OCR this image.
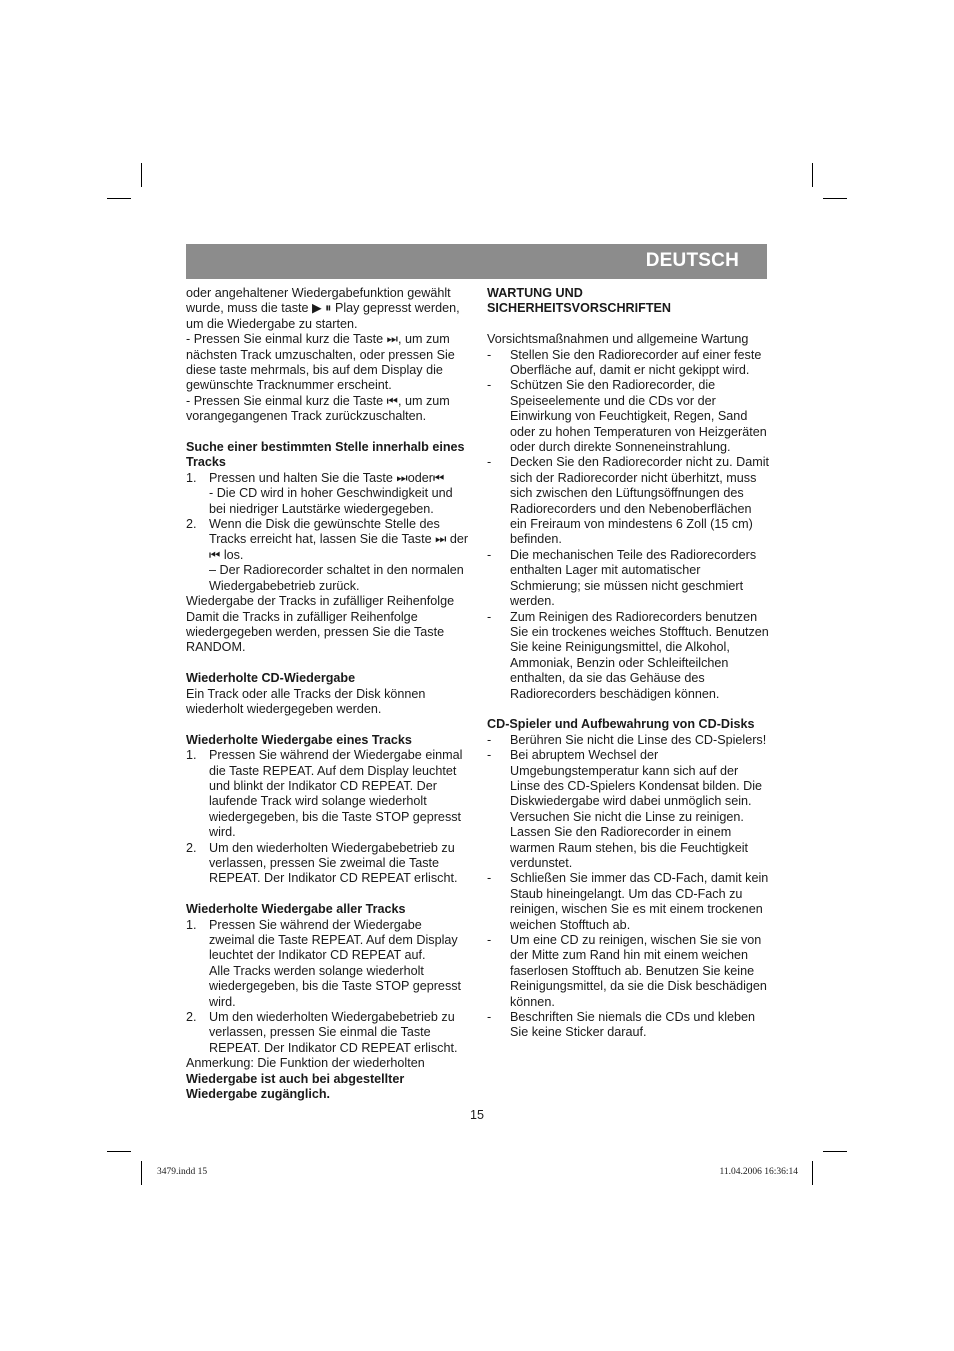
DEUTSCH

oder angehaltener Wiedergabefunktion gewählt wurde, muss die taste ▶ ⏸ Play gepresst werden, um die Wiedergabe zu starten.

- Pressen Sie einmal kurz die Taste ⏭, um zum nächsten Track umzuschalten, oder pressen Sie diese taste mehrmals, bis auf dem Display die gewünschte Tracknummer erscheint.

- Pressen Sie einmal kurz die Taste ⏮, um zum vorangegangenen Track zurückzuschalten.

Suche einer bestimmten Stelle innerhalb eines Tracks

1. Pressen und halten Sie die Taste ⏭oder⏮
- Die CD wird in hoher Geschwindigkeit und bei niedriger Lautstärke wiedergegeben.
2. Wenn die Disk die gewünschte Stelle des Tracks erreicht hat, lassen Sie die Taste ⏭ der ⏮ los.
– Der Radiorecorder schaltet in den normalen Wiedergabebetrieb zurück.

Wiedergabe der Tracks in zufälliger Reihenfolge

Damit die Tracks in zufälliger Reihenfolge wiedergegeben werden, pressen Sie die Taste RANDOM.

Wiederholte CD-Wiedergabe

Ein Track oder alle Tracks der Disk können wiederholt wiedergegeben werden.

Wiederholte Wiedergabe eines Tracks

1. Pressen Sie während der Wiedergabe einmal die Taste REPEAT. Auf dem Display leuchtet und blinkt der Indikator CD REPEAT. Der laufende Track wird solange wiederholt wiedergegeben, bis die Taste STOP gepresst wird.
2. Um den wiederholten Wiedergabebetrieb zu verlassen, pressen Sie zweimal die Taste REPEAT. Der Indikator CD REPEAT erlischt.

Wiederholte Wiedergabe aller Tracks

1. Pressen Sie während der Wiedergabe zweimal die Taste REPEAT. Auf dem Display leuchtet der Indikator CD REPEAT auf.
Alle Tracks werden solange wiederholt wiedergegeben, bis die Taste STOP gepresst wird.
2. Um den wiederholten Wiedergabebetrieb zu verlassen, pressen Sie einmal die Taste REPEAT. Der Indikator CD REPEAT erlischt.

Anmerkung: Die Funktion der wiederholten

Wiedergabe ist auch bei abgestellter Wiedergabe zugänglich.

WARTUNG UND SICHERHEITSVORSCHRIFTEN

Vorsichtsmaßnahmen und allgemeine Wartung

- Stellen Sie den Radiorecorder auf einer feste Oberfläche auf, damit er nicht gekippt wird.
- Schützen Sie den Radiorecorder, die Speiseelemente und die CDs vor der Einwirkung von Feuchtigkeit, Regen, Sand oder zu hohen Temperaturen von Heizgeräten oder durch direkte Sonneneinstrahlung.
- Decken Sie den Radiorecorder nicht zu. Damit sich der Radiorecorder nicht überhitzt, muss sich zwischen den Lüftungsöffnungen des Radiorecorders und den Nebenoberflächen ein Freiraum von mindestens 6 Zoll (15 cm) befinden.
- Die mechanischen Teile des Radiorecorders enthalten Lager mit automatischer Schmierung; sie müssen nicht geschmiert werden.
- Zum Reinigen des Radiorecorders benutzen Sie ein trockenes weiches Stofftuch. Benutzen Sie keine Reinigungsmittel, die Alkohol, Ammoniak, Benzin oder Schleifteilchen enthalten, da sie das Gehäuse des Radiorecorders beschädigen können.

CD-Spieler und Aufbewahrung von CD-Disks

- Berühren Sie nicht die Linse des CD-Spielers!
- Bei abruptem Wechsel der Umgebungstemperatur kann sich auf der Linse des CD-Spielers Kondensat bilden. Die Diskwiedergabe wird dabei unmöglich sein. Versuchen Sie nicht die Linse zu reinigen. Lassen Sie den Radiorecorder in einem warmen Raum stehen, bis die Feuchtigkeit verdunstet.
- Schließen Sie immer das CD-Fach, damit kein Staub hineingelangt. Um das CD-Fach zu reinigen, wischen Sie es mit einem trockenen weichen Stofftuch ab.
- Um eine CD zu reinigen, wischen Sie sie von der Mitte zum Rand hin mit einem weichen faserlosen Stofftuch ab. Benutzen Sie keine Reinigungsmittel, da sie die Disk beschädigen können.
- Beschriften Sie niemals die CDs und kleben Sie keine Sticker darauf.
15
3479.indd 15	11.04.2006 16:36:14
